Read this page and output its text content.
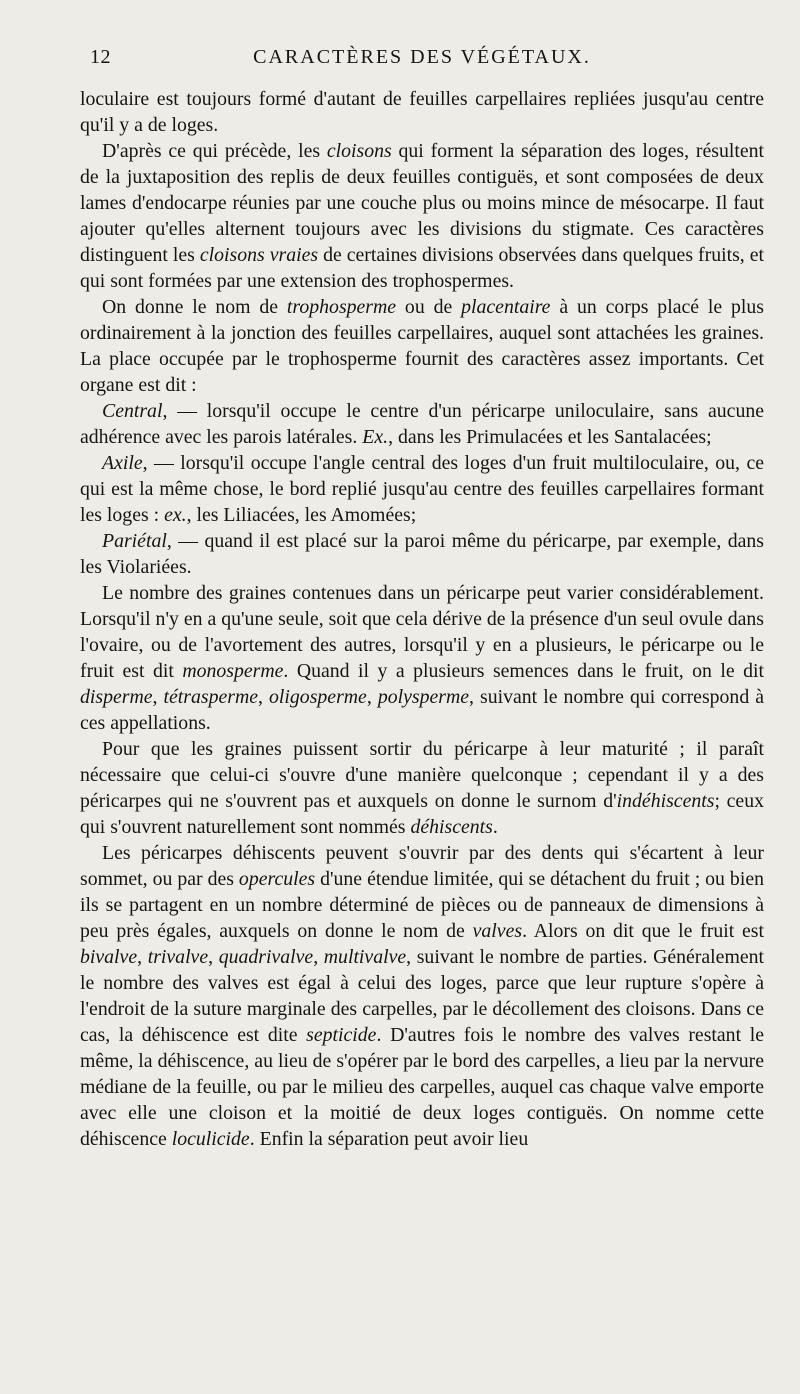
12	CARACTÈRES DES VÉGÉTAUX.

loculaire est toujours formé d'autant de feuilles carpellaires repliées jusqu'au centre qu'il y a de loges.

D'après ce qui précède, les cloisons qui forment la séparation des loges, résultent de la juxtaposition des replis de deux feuilles contiguës, et sont composées de deux lames d'endocarpe réunies par une couche plus ou moins mince de mésocarpe. Il faut ajouter qu'elles alternent toujours avec les divisions du stigmate. Ces caractères distinguent les cloisons vraies de certaines divisions observées dans quelques fruits, et qui sont formées par une extension des trophospermes.

On donne le nom de trophosperme ou de placentaire à un corps placé le plus ordinairement à la jonction des feuilles carpellaires, auquel sont attachées les graines. La place occupée par le trophosperme fournit des caractères assez importants. Cet organe est dit :

Central, — lorsqu'il occupe le centre d'un péricarpe uniloculaire, sans aucune adhérence avec les parois latérales. Ex., dans les Primulacées et les Santalacées;

Axile, — lorsqu'il occupe l'angle central des loges d'un fruit multiloculaire, ou, ce qui est la même chose, le bord replié jusqu'au centre des feuilles carpellaires formant les loges : ex., les Liliacées, les Amomées;

Pariétal, — quand il est placé sur la paroi même du péricarpe, par exemple, dans les Violariées.

Le nombre des graines contenues dans un péricarpe peut varier considérablement. Lorsqu'il n'y en a qu'une seule, soit que cela dérive de la présence d'un seul ovule dans l'ovaire, ou de l'avortement des autres, lorsqu'il y en a plusieurs, le péricarpe ou le fruit est dit monosperme. Quand il y a plusieurs semences dans le fruit, on le dit disperme, tétrasperme, oligosperme, polysperme, suivant le nombre qui correspond à ces appellations.

Pour que les graines puissent sortir du péricarpe à leur maturité ; il paraît nécessaire que celui-ci s'ouvre d'une manière quelconque ; cependant il y a des péricarpes qui ne s'ouvrent pas et auxquels on donne le surnom d'indéhiscents; ceux qui s'ouvrent naturellement sont nommés déhiscents.

Les péricarpes déhiscents peuvent s'ouvrir par des dents qui s'écartent à leur sommet, ou par des opercules d'une étendue limitée, qui se détachent du fruit ; ou bien ils se partagent en un nombre déterminé de pièces ou de panneaux de dimensions à peu près égales, auxquels on donne le nom de valves. Alors on dit que le fruit est bivalve, trivalve, quadrivalve, multivalve, suivant le nombre de parties. Généralement le nombre des valves est égal à celui des loges, parce que leur rupture s'opère à l'endroit de la suture marginale des carpelles, par le décollement des cloisons. Dans ce cas, la déhiscence est dite septicide. D'autres fois le nombre des valves restant le même, la déhiscence, au lieu de s'opérer par le bord des carpelles, a lieu par la nervure médiane de la feuille, ou par le milieu des carpelles, auquel cas chaque valve emporte avec elle une cloison et la moitié de deux loges contiguës. On nomme cette déhiscence loculicide. Enfin la séparation peut avoir lieu
